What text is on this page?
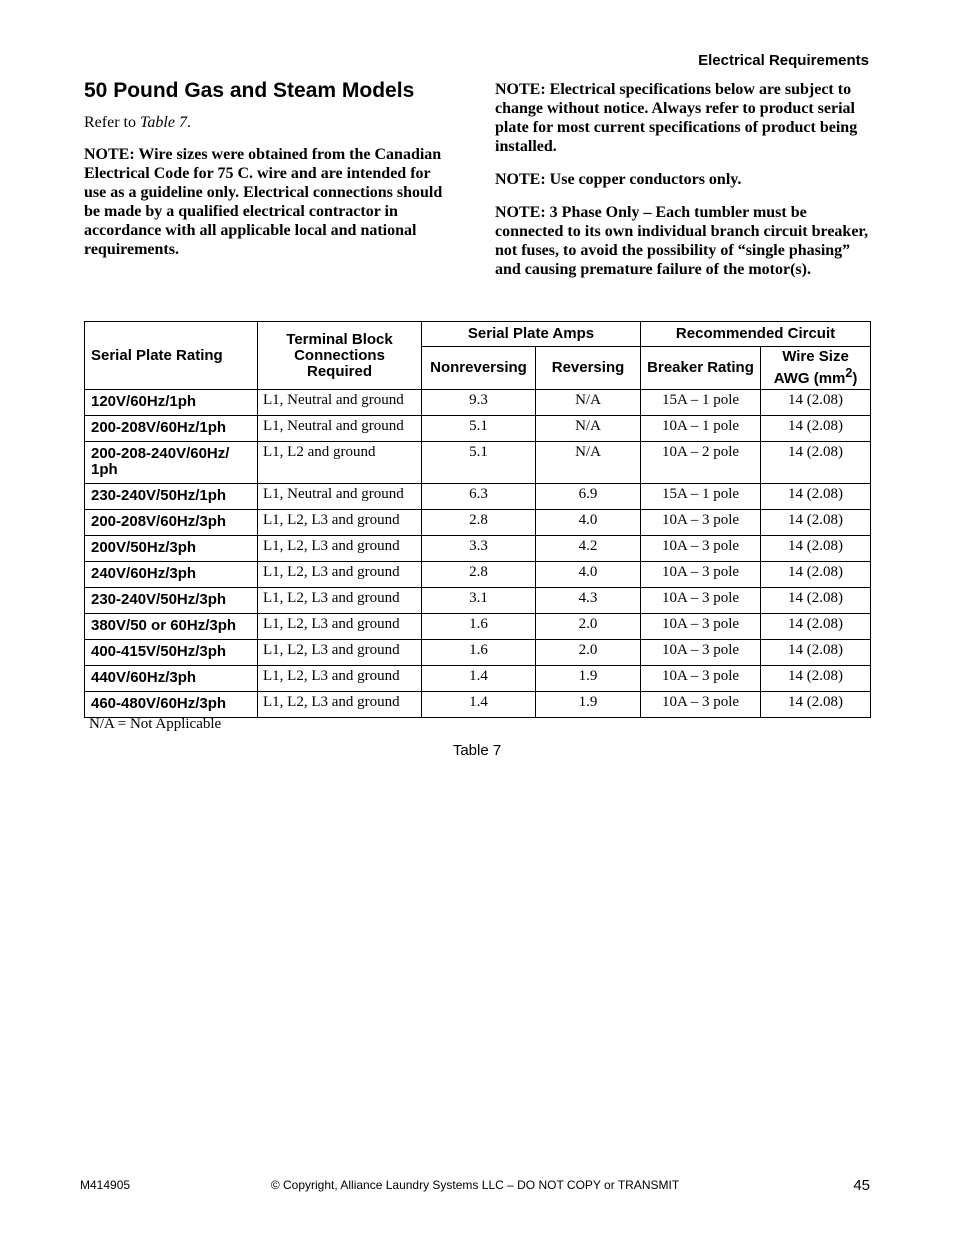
Electrical Requirements
50 Pound Gas and Steam Models

Refer to Table 7.

NOTE: Wire sizes were obtained from the Canadian Electrical Code for 75 C. wire and are intended for use as a guideline only. Electrical connections should be made by a qualified electrical contractor in accordance with all applicable local and national requirements.

NOTE: Electrical specifications below are subject to change without notice. Always refer to product serial plate for most current specifications of product being installed.

NOTE: Use copper conductors only.

NOTE: 3 Phase Only – Each tumbler must be connected to its own individual branch circuit breaker, not fuses, to avoid the possibility of “single phasing” and causing premature failure of the motor(s).

Serial Plate Rating	Terminal Block Connections Required	Serial Plate Amps		Recommended Circuit	
		Nonreversing	Reversing	Breaker Rating	Wire Size AWG $(mm^2)$
120V/60Hz/1ph	L1, Neutral and ground	9.3	N/A	15A – 1 pole	14 (2.08)
200-208V/60Hz/1ph	L1, Neutral and ground	5.1	N/A	10A – 1 pole	14 (2.08)
200-208-240V/60Hz/ 1ph	L1, L2 and ground	5.1	N/A	10A – 2 pole	14 (2.08)
230-240V/50Hz/1ph	L1, Neutral and ground	6.3	6.9	15A – 1 pole	14 (2.08)
200-208V/60Hz/3ph	L1, L2, L3 and ground	2.8	4.0	10A – 3 pole	14 (2.08)
200V/50Hz/3ph	L1, L2, L3 and ground	3.3	4.2	10A – 3 pole	14 (2.08)
240V/60Hz/3ph	L1, L2, L3 and ground	2.8	4.0	10A – 3 pole	14 (2.08)
230-240V/50Hz/3ph	L1, L2, L3 and ground	3.1	4.3	10A – 3 pole	14 (2.08)
380V/50 or 60Hz/3ph	L1, L2, L3 and ground	1.6	2.0	10A – 3 pole	14 (2.08)
400-415V/50Hz/3ph	L1, L2, L3 and ground	1.6	2.0	10A – 3 pole	14 (2.08)
440V/60Hz/3ph	L1, L2, L3 and ground	1.4	1.9	10A – 3 pole	14 (2.08)
460-480V/60Hz/3ph	L1, L2, L3 and ground	1.4	1.9	10A – 3 pole	14 (2.08)
N/A = Not Applicable
Table 7
M414905	© Copyright, Alliance Laundry Systems LLC – DO NOT COPY or TRANSMIT	45
